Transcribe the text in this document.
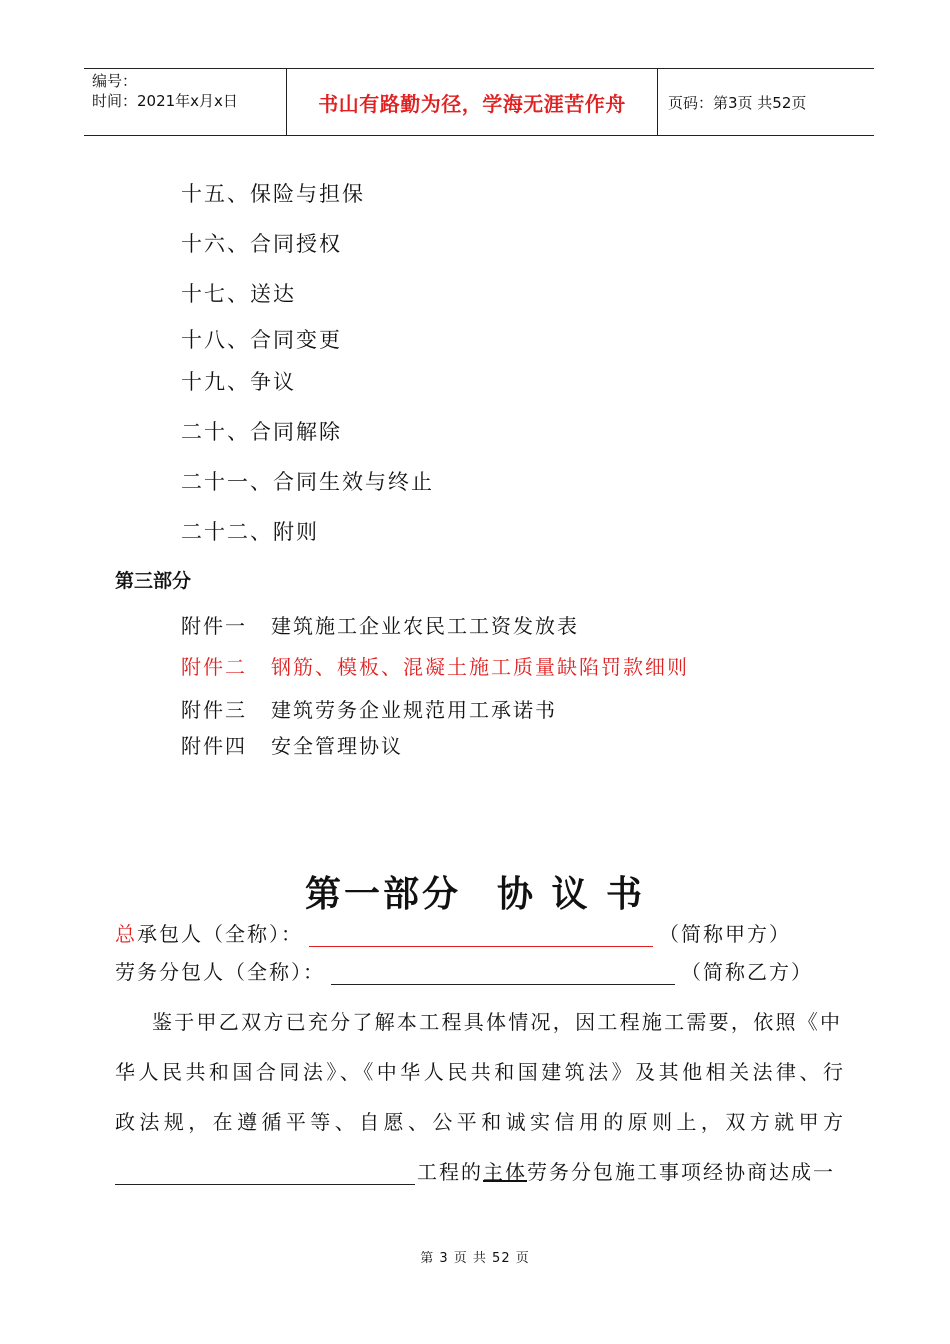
编号：
时间：2021年x月x日	书山有路勤为径，学海无涯苦作舟	页码：第3页 共52页
十五、保险与担保
十六、合同授权
十七、送达
十八、合同变更
十九、争议
二十、合同解除
二十一、合同生效与终止
二十二、附则
第三部分
附件一 建筑施工企业农民工工资发放表
附件二 钢筋、模板、混凝土施工质量缺陷罚款细则
附件三 建筑劳务企业规范用工承诺书
附件四 安全管理协议
第一部分 协 议 书
总承包人（全称）：	（简称甲方）
劳务分包人（全称）：	（简称乙方）
鉴于甲乙双方已充分了解本工程具体情况，因工程施工需要，依照《中
华人民共和国合同法》、《中华人民共和国建筑法》及其他相关法律、行
政法规，在遵循平等、自愿、公平和诚实信用的原则上，双方就甲方
工程的主体劳务分包施工事项经协商达成一
第 3 页 共 52 页
